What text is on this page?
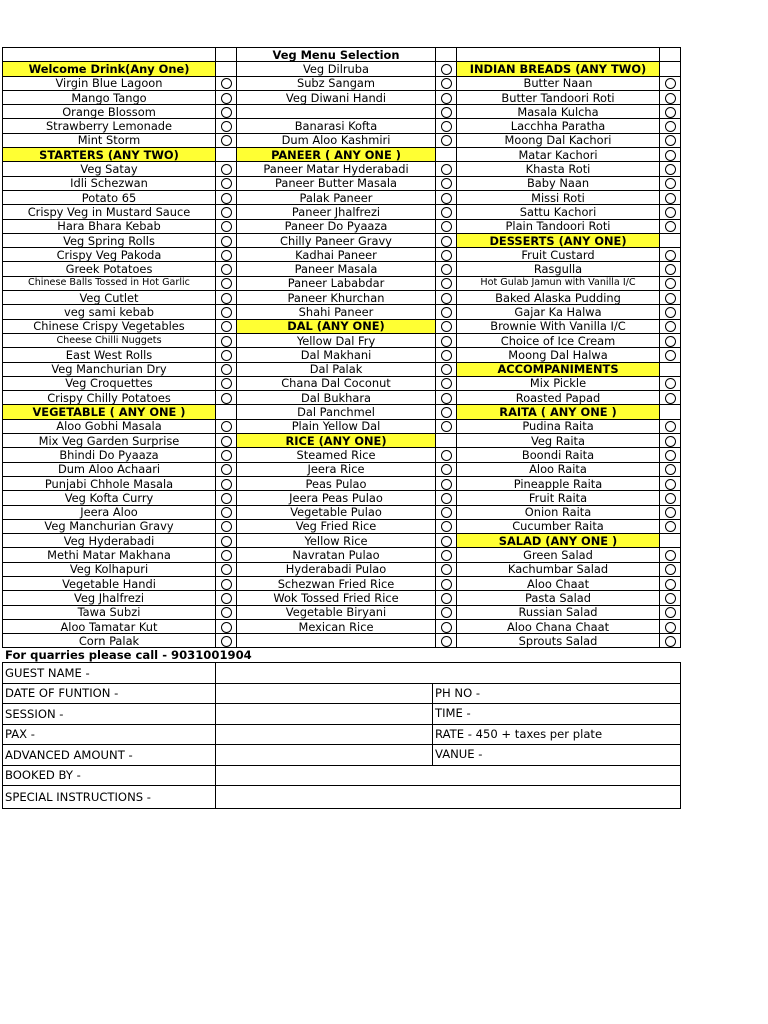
		Veg Menu Selection			
Welcome Drink(Any One)		Veg Dilruba		INDIAN BREADS (ANY TWO)	
Virgin Blue Lagoon		Subz Sangam		Butter Naan	
Mango Tango		Veg Diwani Handi		Butter Tandoori Roti	
Orange Blossom				Masala Kulcha	
Strawberry Lemonade		Banarasi Kofta		Lacchha Paratha	
Mint Storm		Dum Aloo Kashmiri		Moong Dal Kachori	
STARTERS (ANY TWO)		PANEER ( ANY ONE )		Matar Kachori	
Veg Satay		Paneer Matar Hyderabadi		Khasta Roti	
Idli Schezwan		Paneer Butter Masala		Baby Naan	
Potato 65		Palak Paneer		Missi Roti	
Crispy Veg in Mustard Sauce		Paneer Jhalfrezi		Sattu Kachori	
Hara Bhara Kebab		Paneer Do Pyaaza		Plain Tandoori Roti	
Veg Spring Rolls		Chilly Paneer Gravy		DESSERTS (ANY ONE)	
Crispy Veg Pakoda		Kadhai Paneer		Fruit Custard	
Greek Potatoes		Paneer Masala		Rasgulla	
Chinese Balls Tossed in Hot Garlic		Paneer Lababdar		Hot Gulab Jamun with Vanilla I/C	
Veg Cutlet		Paneer Khurchan		Baked Alaska Pudding	
veg sami kebab		Shahi Paneer		Gajar Ka Halwa	
Chinese Crispy Vegetables		DAL (ANY ONE)		Brownie With Vanilla I/C	
Cheese Chilli Nuggets		Yellow Dal Fry		Choice of Ice Cream	
East West Rolls		Dal Makhani		Moong Dal Halwa	
Veg Manchurian Dry		Dal Palak		ACCOMPANIMENTS	
Veg Croquettes		Chana Dal Coconut		Mix Pickle	
Crispy Chilly Potatoes		Dal Bukhara		Roasted Papad	
VEGETABLE ( ANY ONE )		Dal Panchmel		RAITA ( ANY ONE )	
Aloo Gobhi Masala		Plain Yellow Dal		Pudina Raita	
Mix Veg Garden Surprise		RICE (ANY ONE)		Veg Raita	
Bhindi Do Pyaaza		Steamed Rice		Boondi Raita	
Dum Aloo Achaari		Jeera Rice		Aloo Raita	
Punjabi Chhole Masala		Peas Pulao		Pineapple Raita	
Veg Kofta Curry		Jeera Peas Pulao		Fruit Raita	
Jeera Aloo		Vegetable Pulao		Onion Raita	
Veg Manchurian Gravy		Veg Fried Rice		Cucumber Raita	
Veg Hyderabadi		Yellow Rice		SALAD (ANY ONE )	
Methi Matar Makhana		Navratan Pulao		Green Salad	
Veg Kolhapuri		Hyderabadi Pulao		Kachumbar Salad	
Vegetable Handi		Schezwan Fried Rice		Aloo Chaat	
Veg Jhalfrezi		Wok Tossed Fried Rice		Pasta Salad	
Tawa Subzi		Vegetable Biryani		Russian Salad	
Aloo Tamatar Kut		Mexican Rice		Aloo Chana Chaat	
Corn Palak				Sprouts Salad	
For quarries please call - 9031001904
GUEST NAME -	
DATE OF FUNTION -	PH NO -

SESSION -	TIME -

PAX -	RATE - 450 + taxes per plate

ADVANCED AMOUNT -	VANUE -

BOOKED BY -	
SPECIAL INSTRUCTIONS -	
